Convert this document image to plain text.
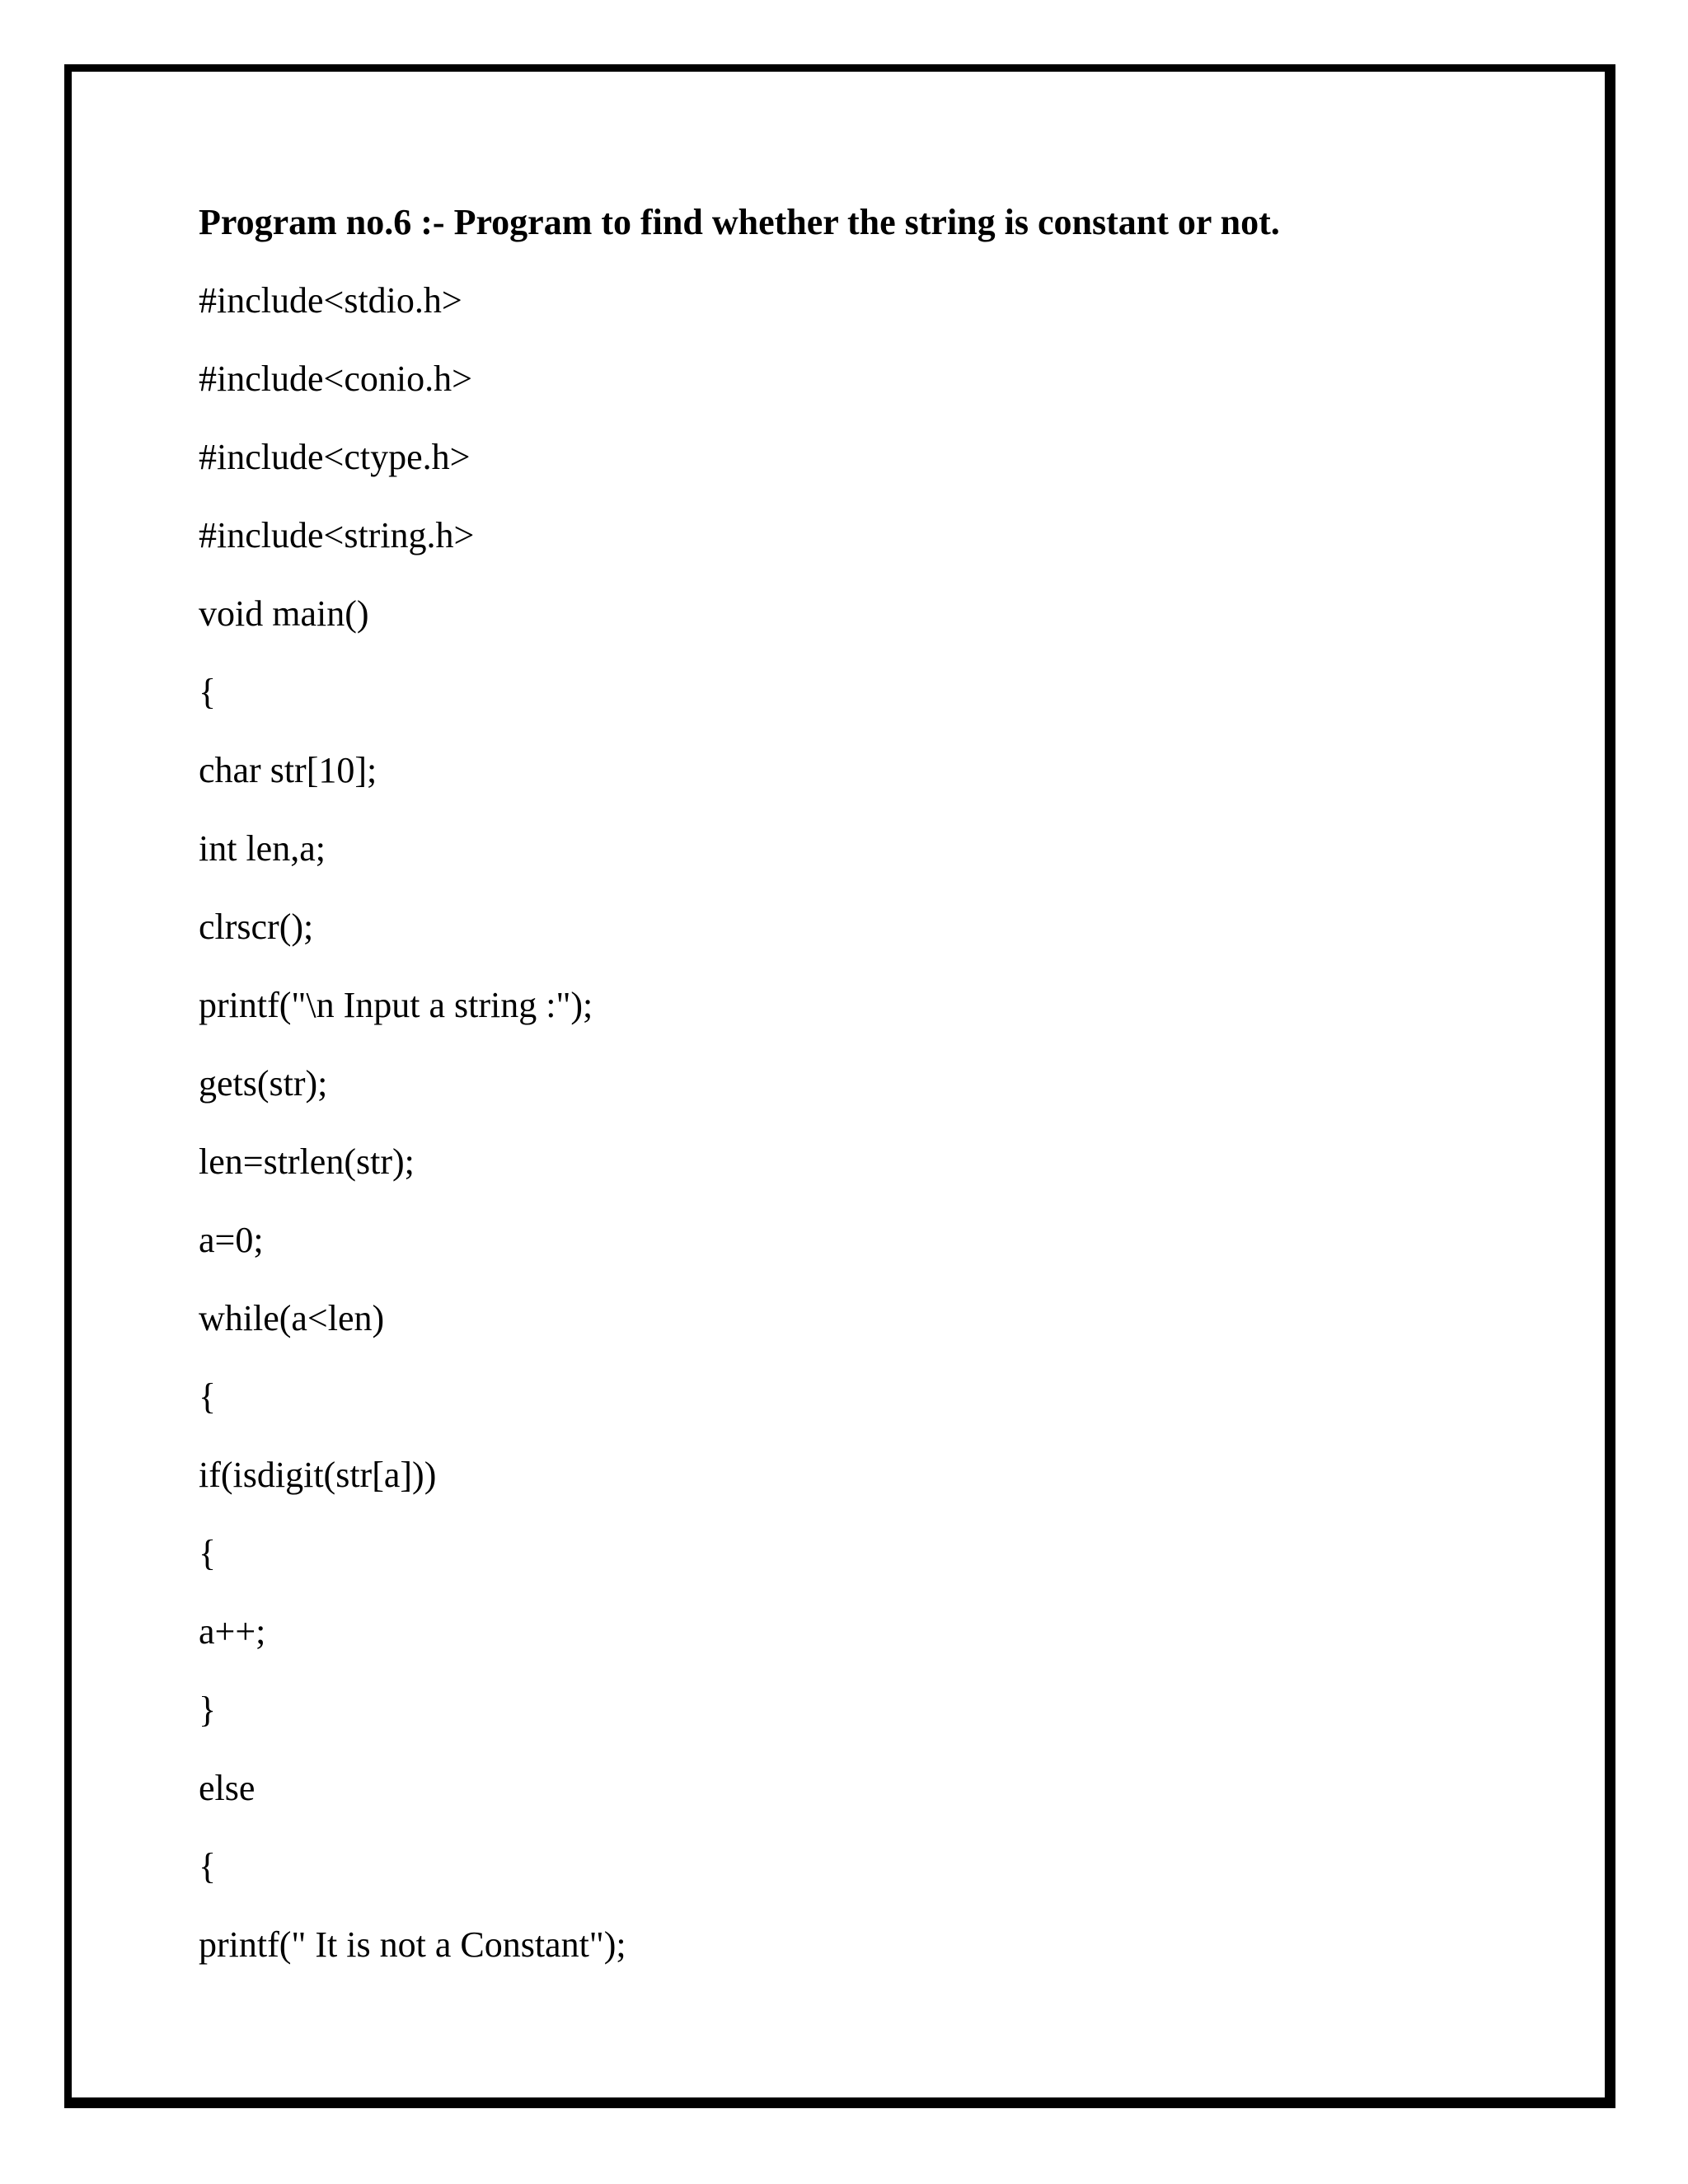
Program no.6 :- Program to find whether the string is constant or not.
#include<stdio.h>
#include<conio.h>
#include<ctype.h>
#include<string.h>
void main()
{
char str[10];
int len,a;
clrscr();
printf("\n Input a string :");
gets(str);
len=strlen(str);
a=0;
while(a<len)
{
if(isdigit(str[a]))
{
a++;
}
else
{
printf(" It is not a Constant");
